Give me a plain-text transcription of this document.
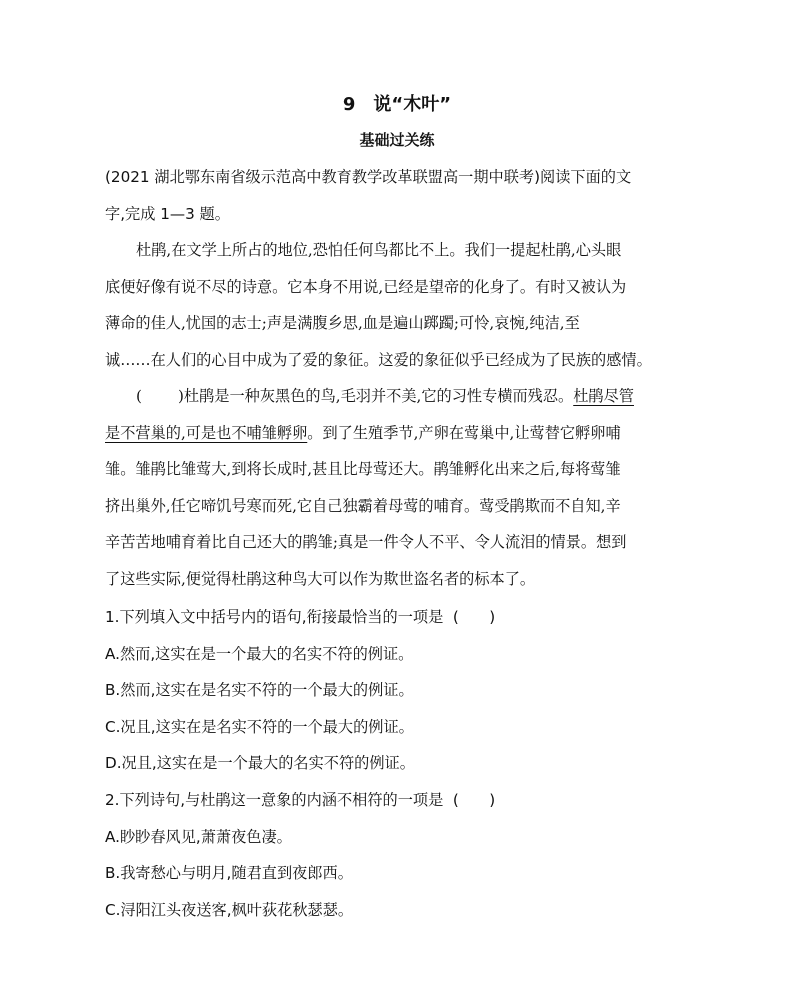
9　说“木叶”
基础过关练
(2021 湖北鄂东南省级示范高中教育教学改革联盟高一期中联考)阅读下面的文
字,完成 1—3 题。
杜鹃,在文学上所占的地位,恐怕任何鸟都比不上。我们一提起杜鹃,心头眼
底便好像有说不尽的诗意。它本身不用说,已经是望帝的化身了。有时又被认为
薄命的佳人,忧国的志士;声是满腹乡思,血是遍山踯躅;可怜,哀惋,纯洁,至
诚……在人们的心目中成为了爱的象征。这爱的象征似乎已经成为了民族的感情。
( )杜鹃是一种灰黑色的鸟,毛羽并不美,它的习性专横而残忍。杜鹃尽管
是不营巢的,可是也不哺雏孵卵。到了生殖季节,产卵在莺巢中,让莺替它孵卵哺
雏。雏鹃比雏莺大,到将长成时,甚且比母莺还大。鹃雏孵化出来之后,每将莺雏
挤出巢外,任它啼饥号寒而死,它自己独霸着母莺的哺育。莺受鹃欺而不自知,辛
辛苦苦地哺育着比自己还大的鹃雏;真是一件令人不平、令人流泪的情景。想到
了这些实际,便觉得杜鹃这种鸟大可以作为欺世盗名者的标本了。
1.下列填入文中括号内的语句,衔接最恰当的一项是 (　　)
A.然而,这实在是一个最大的名实不符的例证。
B.然而,这实在是名实不符的一个最大的例证。
C.况且,这实在是名实不符的一个最大的例证。
D.况且,这实在是一个最大的名实不符的例证。
2.下列诗句,与杜鹃这一意象的内涵不相符的一项是 (　　)
A.眇眇春风见,萧萧夜色凄。
B.我寄愁心与明月,随君直到夜郎西。
C.浔阳江头夜送客,枫叶荻花秋瑟瑟。
